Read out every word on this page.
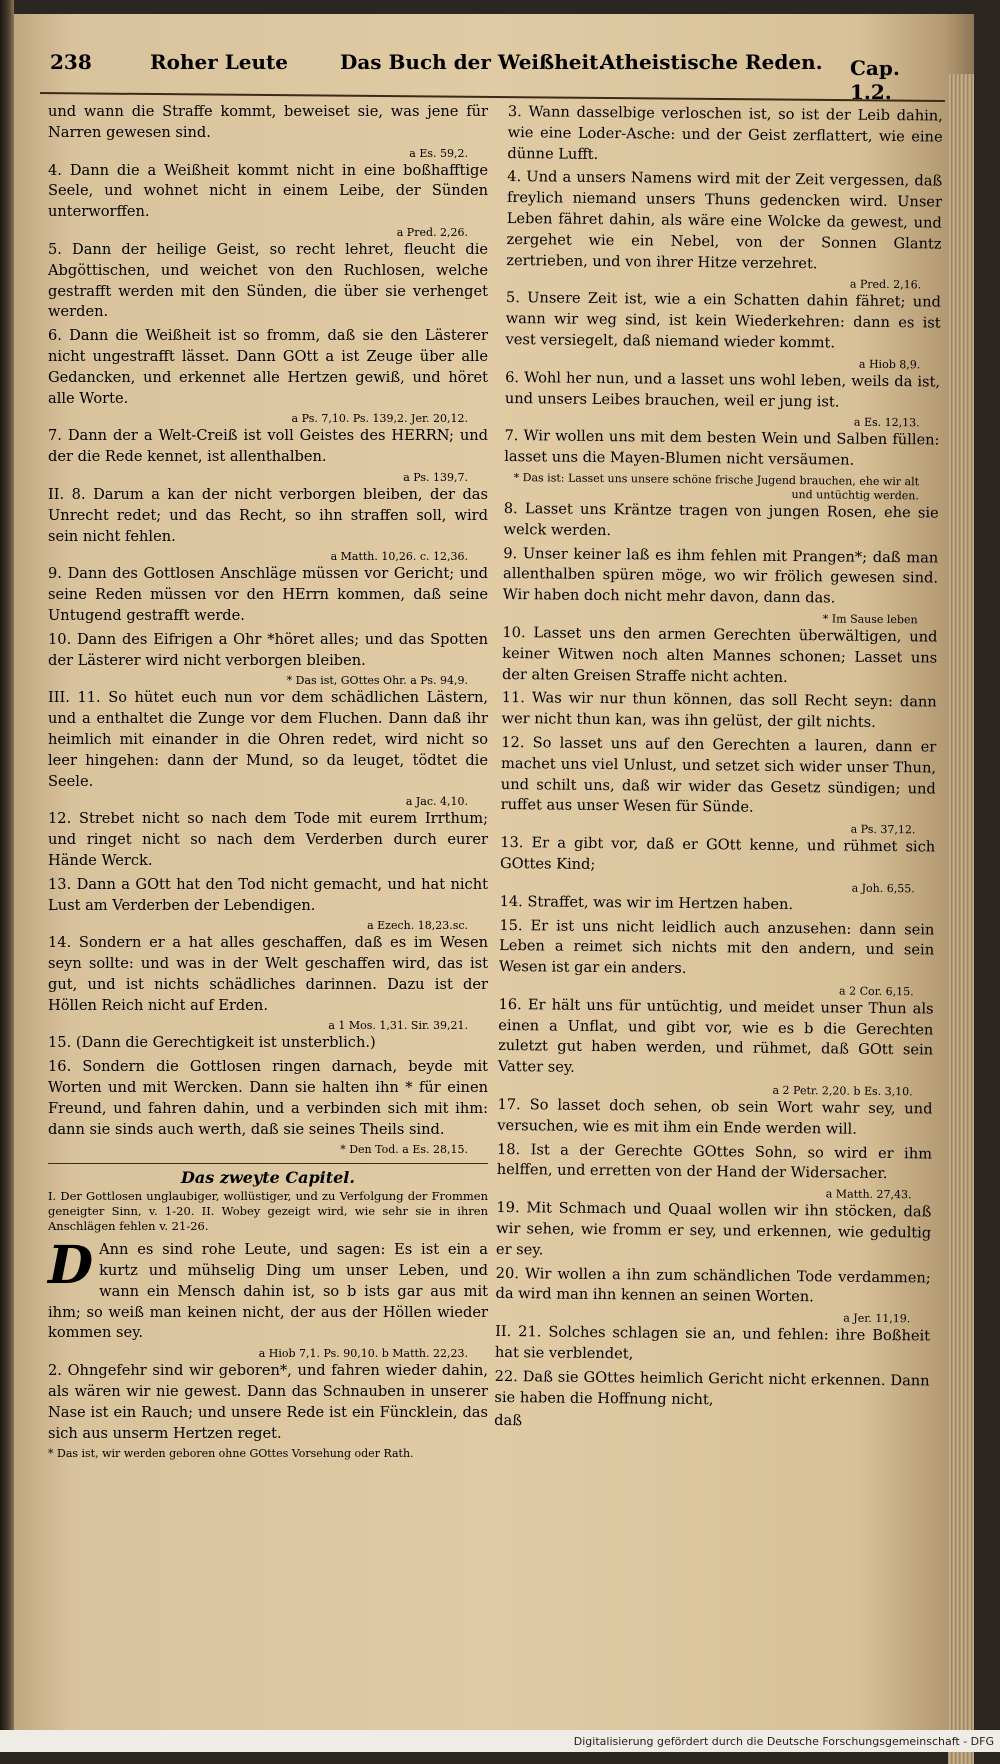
238	Roher Leute	Das Buch der Weißheit.
Atheistische Reden. Cap. 1.2.

und wann die Straffe kommt, beweiset sie, was jene für Narren gewesen sind.

a Es. 59,2.

4. Dann die a Weißheit kommt nicht in eine boßhafftige Seele, und wohnet nicht in einem Leibe, der Sünden unterworffen.

a Pred. 2,26.

5. Dann der heilige Geist, so recht lehret, fleucht die Abgöttischen, und weichet von den Ruchlosen, welche gestrafft werden mit den Sünden, die über sie verhenget werden.

6. Dann die Weißheit ist so fromm, daß sie den Lästerer nicht ungestrafft lässet. Dann GOtt a ist Zeuge über alle Gedancken, und erkennet alle Hertzen gewiß, und höret alle Worte.

a Ps. 7,10. Ps. 139,2. Jer. 20,12.

7. Dann der a Welt-Creiß ist voll Geistes des HERRN; und der die Rede kennet, ist allenthalben.

a Ps. 139,7.

II. 8. Darum a kan der nicht verborgen bleiben, der das Unrecht redet; und das Recht, so ihn straffen soll, wird sein nicht fehlen.

a Matth. 10,26. c. 12,36.

9. Dann des Gottlosen Anschläge müssen vor Gericht; und seine Reden müssen vor den HErrn kommen, daß seine Untugend gestrafft werde.

10. Dann des Eifrigen a Ohr *höret alles; und das Spotten der Lästerer wird nicht verborgen bleiben.

* Das ist, GOttes Ohr. a Ps. 94,9.

III. 11. So hütet euch nun vor dem schädlichen Lästern, und a enthaltet die Zunge vor dem Fluchen. Dann daß ihr heimlich mit einander in die Ohren redet, wird nicht so leer hingehen: dann der Mund, so da leuget, tödtet die Seele.

a Jac. 4,10.

12. Strebet nicht so nach dem Tode mit eurem Irrthum; und ringet nicht so nach dem Verderben durch eurer Hände Werck.

13. Dann a GOtt hat den Tod nicht gemacht, und hat nicht Lust am Verderben der Lebendigen.

a Ezech. 18,23.sc.

14. Sondern er a hat alles geschaffen, daß es im Wesen seyn sollte: und was in der Welt geschaffen wird, das ist gut, und ist nichts schädliches darinnen. Dazu ist der Höllen Reich nicht auf Erden.

a 1 Mos. 1,31. Sir. 39,21.

15. (Dann die Gerechtigkeit ist unsterblich.)

16. Sondern die Gottlosen ringen darnach, beyde mit Worten und mit Wercken. Dann sie halten ihn * für einen Freund, und fahren dahin, und a verbinden sich mit ihm: dann sie sinds auch werth, daß sie seines Theils sind.

* Den Tod. a Es. 28,15.
Das zweyte Capitel.
I. Der Gottlosen unglaubiger, wollüstiger, und zu Verfolgung der Frommen geneigter Sinn, v. 1-20. II. Wobey gezeigt wird, wie sehr sie in ihren Anschlägen fehlen v. 21-26.

D Ann es sind rohe Leute, und sagen: Es ist ein a kurtz und mühselig Ding um unser Leben, und wann ein Mensch dahin ist, so b ists gar aus mit ihm; so weiß man keinen nicht, der aus der Höllen wieder kommen sey.

a Hiob 7,1. Ps. 90,10. b Matth. 22,23.

2. Ohngefehr sind wir geboren*, und fahren wieder dahin, als wären wir nie gewest. Dann das Schnauben in unserer Nase ist ein Rauch; und unsere Rede ist ein Füncklein, das sich aus unserm Hertzen reget.

* Das ist, wir werden geboren ohne GOttes Vorsehung oder Rath.

3. Wann dasselbige verloschen ist, so ist der Leib dahin, wie eine Loder-Asche: und der Geist zerflattert, wie eine dünne Lufft.

4. Und a unsers Namens wird mit der Zeit vergessen, daß freylich niemand unsers Thuns gedencken wird. Unser Leben fähret dahin, als wäre eine Wolcke da gewest, und zergehet wie ein Nebel, von der Sonnen Glantz zertrieben, und von ihrer Hitze verzehret.

a Pred. 2,16.

5. Unsere Zeit ist, wie a ein Schatten dahin fähret; und wann wir weg sind, ist kein Wiederkehren: dann es ist vest versiegelt, daß niemand wieder kommt.

a Hiob 8,9.

6. Wohl her nun, und a lasset uns wohl leben, weils da ist, und unsers Leibes brauchen, weil er jung ist.

a Es. 12,13.

7. Wir wollen uns mit dem besten Wein und Salben füllen: lasset uns die Mayen-Blumen nicht versäumen.

* Das ist: Lasset uns unsere schöne frische Jugend brauchen, ehe wir alt und untüchtig werden.

8. Lasset uns Kräntze tragen von jungen Rosen, ehe sie welck werden.

9. Unser keiner laß es ihm fehlen mit Prangen*; daß man allenthalben spüren möge, wo wir frölich gewesen sind. Wir haben doch nicht mehr davon, dann das.

* Im Sause leben

10. Lasset uns den armen Gerechten überwältigen, und keiner Witwen noch alten Mannes schonen; Lasset uns der alten Greisen Straffe nicht achten.

11. Was wir nur thun können, das soll Recht seyn: dann wer nicht thun kan, was ihn gelüst, der gilt nichts.

12. So lasset uns auf den Gerechten a lauren, dann er machet uns viel Unlust, und setzet sich wider unser Thun, und schilt uns, daß wir wider das Gesetz sündigen; und ruffet aus unser Wesen für Sünde.

a Ps. 37,12.

13. Er a gibt vor, daß er GOtt kenne, und rühmet sich GOttes Kind;

a Joh. 6,55.

14. Straffet, was wir im Hertzen haben.

15. Er ist uns nicht leidlich auch anzusehen: dann sein Leben a reimet sich nichts mit den andern, und sein Wesen ist gar ein anders.

a 2 Cor. 6,15.

16. Er hält uns für untüchtig, und meidet unser Thun als einen a Unflat, und gibt vor, wie es b die Gerechten zuletzt gut haben werden, und rühmet, daß GOtt sein Vatter sey.

a 2 Petr. 2,20. b Es. 3,10.

17. So lasset doch sehen, ob sein Wort wahr sey, und versuchen, wie es mit ihm ein Ende werden will.

18. Ist a der Gerechte GOttes Sohn, so wird er ihm helffen, und erretten von der Hand der Widersacher.

a Matth. 27,43.

19. Mit Schmach und Quaal wollen wir ihn stöcken, daß wir sehen, wie fromm er sey, und erkennen, wie gedultig er sey.

20. Wir wollen a ihn zum schändlichen Tode verdammen; da wird man ihn kennen an seinen Worten.

a Jer. 11,19.

II. 21. Solches schlagen sie an, und fehlen: ihre Boßheit hat sie verblendet,

22. Daß sie GOttes heimlich Gericht nicht erkennen. Dann sie haben die Hoffnung nicht,

daß

Digitalisierung gefördert durch die Deutsche Forschungsgemeinschaft - DFG
